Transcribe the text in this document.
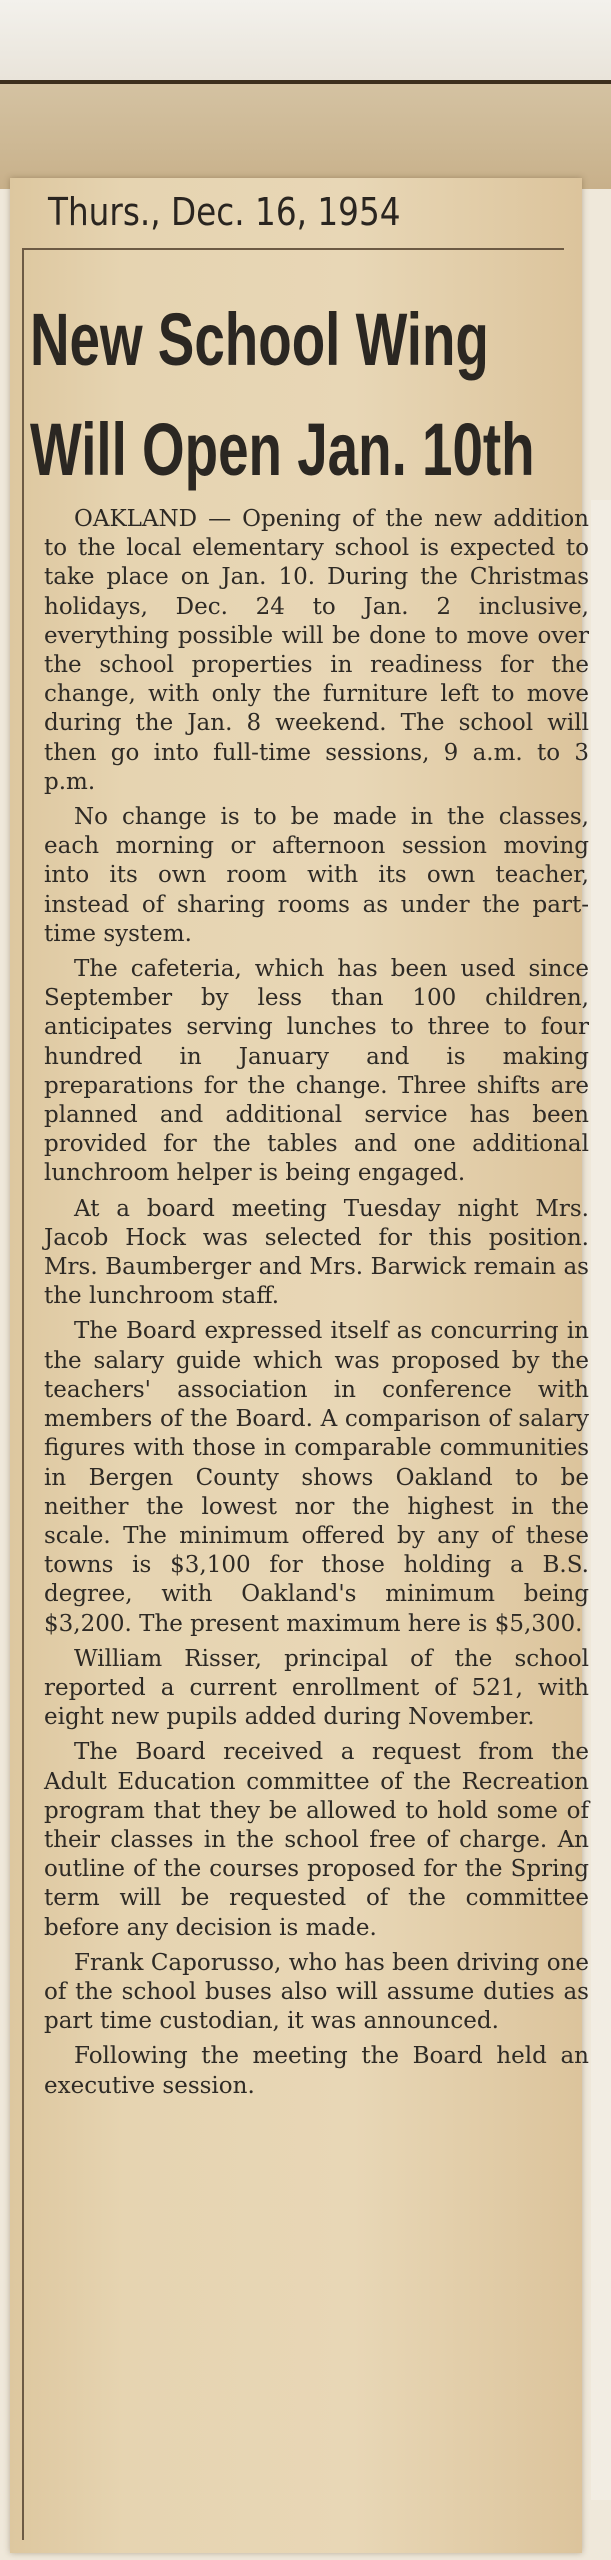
Thurs., Dec. 16, 1954
New School Wing
Will Open Jan. 10th

OAKLAND — Opening of the new addition to the local elementary school is expected to take place on Jan. 10. During the Christmas holidays, Dec. 24 to Jan. 2 inclusive, everything possible will be done to move over the school properties in readiness for the change, with only the furniture left to move during the Jan. 8 weekend. The school will then go into full-time sessions, 9 a.m. to 3 p.m.

No change is to be made in the classes, each morning or afternoon session moving into its own room with its own teacher, instead of sharing rooms as under the part-time system.

The cafeteria, which has been used since September by less than 100 children, anticipates serving lunches to three to four hundred in January and is making preparations for the change. Three shifts are planned and additional service has been provided for the tables and one additional lunchroom helper is being engaged.

At a board meeting Tuesday night Mrs. Jacob Hock was selected for this position. Mrs. Baumberger and Mrs. Barwick remain as the lunchroom staff.

The Board expressed itself as concurring in the salary guide which was proposed by the teachers' association in conference with members of the Board. A comparison of salary figures with those in comparable communities in Bergen County shows Oakland to be neither the lowest nor the highest in the scale. The minimum offered by any of these towns is $3,100 for those holding a B.S. degree, with Oakland's minimum being $3,200. The present maximum here is $5,300.

William Risser, principal of the school reported a current enrollment of 521, with eight new pupils added during November.

The Board received a request from the Adult Education committee of the Recreation program that they be allowed to hold some of their classes in the school free of charge. An outline of the courses proposed for the Spring term will be requested of the committee before any decision is made.

Frank Caporusso, who has been driving one of the school buses also will assume duties as part time custodian, it was announced.

Following the meeting the Board held an executive session.
